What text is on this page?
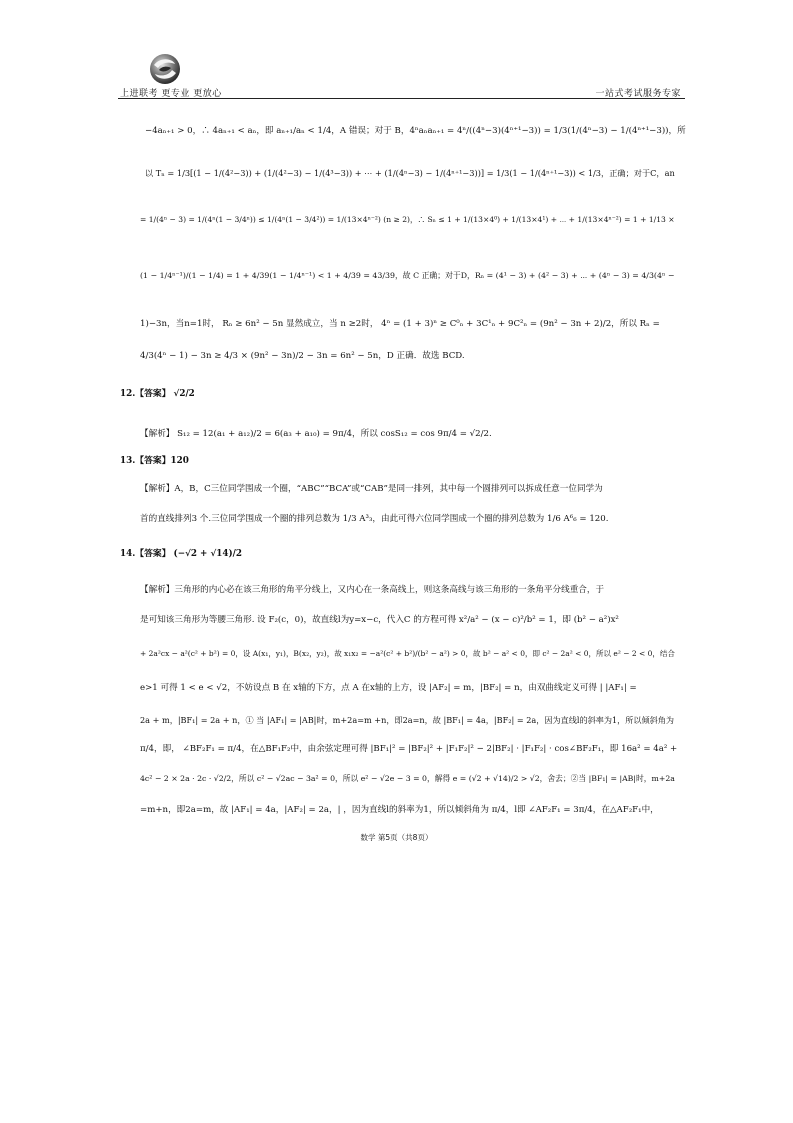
上进联考 更专业 更放心	一站式考试服务专家
−4aₙ₊₁ > 0，∴ 4aₙ₊₁ < aₙ，即 aₙ₊₁/aₙ < 1/4，A 错误；对于 B，4ⁿaₙaₙ₊₁ = 4ⁿ/((4ⁿ−3)(4ⁿ⁺¹−3)) = 1/3(1/(4ⁿ−3) − 1/(4ⁿ⁺¹−3))，所
以 Tₙ = 1/3[(1 − 1/(4²−3)) + (1/(4²−3) − 1/(4³−3)) + ⋯ + (1/(4ⁿ−3) − 1/(4ⁿ⁺¹−3))] = 1/3(1 − 1/(4ⁿ⁺¹−3)) < 1/3，正确；对于C，an
= 1/(4ⁿ − 3) = 1/(4ⁿ(1 − 3/4ⁿ)) ≤ 1/(4ⁿ(1 − 3/4²)) = 1/(13×4ⁿ⁻²) (n ≥ 2)，∴ Sₙ ≤ 1 + 1/(13×4⁰) + 1/(13×4¹) + ⋯ + 1/(13×4ⁿ⁻²) = 1 + 1/13 ×
(1 − 1/4ⁿ⁻¹)/(1 − 1/4) = 1 + 4/39(1 − 1/4ⁿ⁻¹) < 1 + 4/39 = 43/39，故 C 正确；对于D，Rₙ = (4¹ − 3) + (4² − 3) + ⋯ + (4ⁿ − 3) = 4/3(4ⁿ −
1)−3n，当n=1时， Rₙ ≥ 6n² − 5n 显然成立，当 n ≥2时， 4ⁿ = (1 + 3)ⁿ ≥ C⁰ₙ + 3C¹ₙ + 9C²ₙ = (9n² − 3n + 2)/2，所以 Rₙ =
4/3(4ⁿ − 1) − 3n ≥ 4/3 × (9n² − 3n)/2 − 3n = 6n² − 5n，D 正确．故选 BCD.
12.【答案】 √2/2
【解析】 S₁₂ = 12(a₁ + a₁₂)/2 = 6(a₃ + a₁₀) = 9π/4，所以 cosS₁₂ = cos 9π/4 = √2/2.
13.【答案】120
【解析】A，B，C三位同学围成一个圈，“ABC”“BCA”或“CAB”是同一排列，其中每一个圆排列可以拆成任意一位同学为
首的直线排列3 个.三位同学围成一个圈的排列总数为 1/3 A³₃，由此可得六位同学围成一个圈的排列总数为 1/6 A⁶₆ = 120.
14.【答案】 (−√2 + √14)/2
【解析】三角形的内心必在该三角形的角平分线上，又内心在一条高线上，则这条高线与该三角形的一条角平分线重合，于
是可知该三角形为等腰三角形. 设 F₂(c，0)，故直线l为y=x−c，代入C 的方程可得 x²/a² − (x − c)²/b² = 1，即 (b² − a²)x²
+ 2a²cx − a²(c² + b²) = 0，设 A(x₁，y₁)，B(x₂，y₂)，故 x₁x₂ = −a²(c² + b²)/(b² − a²) > 0，故 b² − a² < 0，即 c² − 2a² < 0，所以 e² − 2 < 0，结合
e>1 可得 1 < e < √2，不妨设点 B 在 x轴的下方，点 A 在x轴的上方，设 |AF₂| = m，|BF₂| = n，由双曲线定义可得 | |AF₁| =
2a + m，|BF₁| = 2a + n，① 当 |AF₁| = |AB|时，m+2a=m +n，即2a=n，故 |BF₁| = 4a，|BF₂| = 2a，因为直线l的斜率为1，所以倾斜角为
π/4，即， ∠BF₂F₁ = π/4，在△BF₁F₂中，由余弦定理可得 |BF₁|² = |BF₂|² + |F₁F₂|² − 2|BF₂| · |F₁F₂| · cos∠BF₂F₁，即 16a² = 4a² +
4c² − 2 × 2a · 2c · √2/2，所以 c² − √2ac − 3a² = 0，所以 e² − √2e − 3 = 0，解得 e = (√2 + √14)/2 > √2，舍去；②当 |BF₁| = |AB|时，m+2a
=m+n，即2a=m，故 |AF₁| = 4a，|AF₂| = 2a，| ，因为直线l的斜率为1，所以倾斜角为 π/4，l即 ∠AF₂F₁ = 3π/4，在△AF₂F₁中，
数学 第5页（共8页）
